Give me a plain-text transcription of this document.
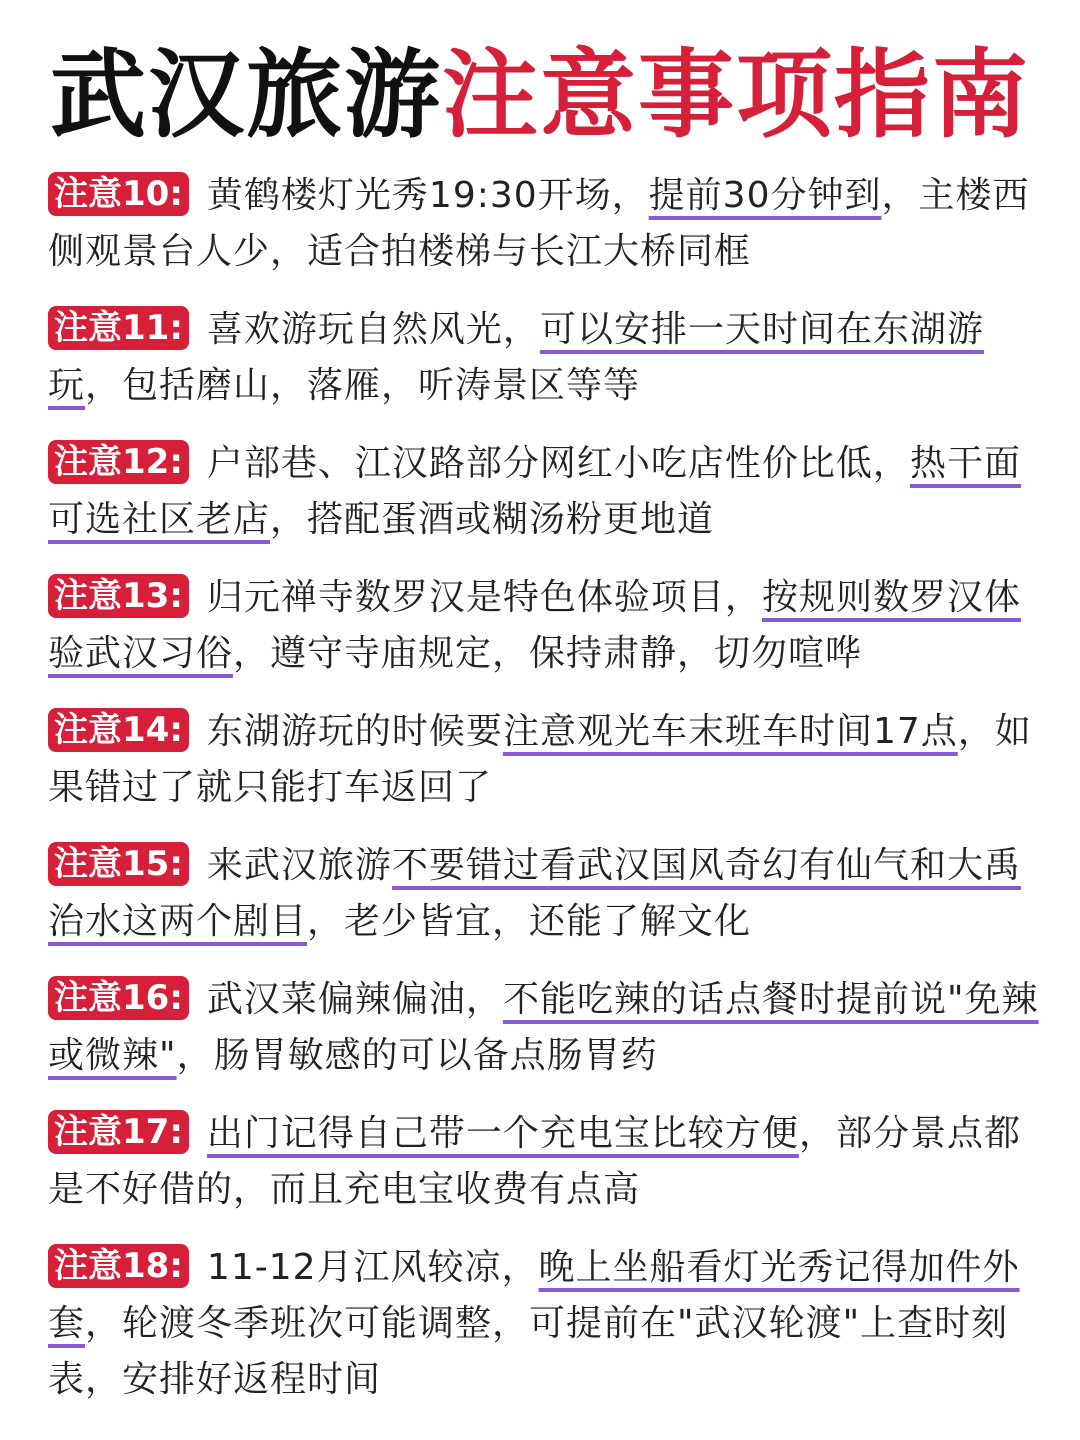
武汉旅游注意事项指南

注意10: 黄鹤楼灯光秀19:30开场，提前30分钟到，主楼西侧观景台人少，适合拍楼梯与长江大桥同框

注意11: 喜欢游玩自然风光，可以安排一天时间在东湖游玩，包括磨山，落雁，听涛景区等等

注意12: 户部巷、江汉路部分网红小吃店性价比低，热干面可选社区老店，搭配蛋酒或糊汤粉更地道

注意13: 归元禅寺数罗汉是特色体验项目，按规则数罗汉体验武汉习俗，遵守寺庙规定，保持肃静，切勿喧哗

注意14: 东湖游玩的时候要注意观光车末班车时间17点，如果错过了就只能打车返回了

注意15: 来武汉旅游不要错过看武汉国风奇幻有仙气和大禹治水这两个剧目，老少皆宜，还能了解文化

注意16: 武汉菜偏辣偏油，不能吃辣的话点餐时提前说"免辣或微辣"，肠胃敏感的可以备点肠胃药

注意17: 出门记得自己带一个充电宝比较方便，部分景点都是不好借的，而且充电宝收费有点高

注意18: 11-12月江风较凉，晚上坐船看灯光秀记得加件外套，轮渡冬季班次可能调整，可提前在"武汉轮渡"上查时刻表，安排好返程时间
